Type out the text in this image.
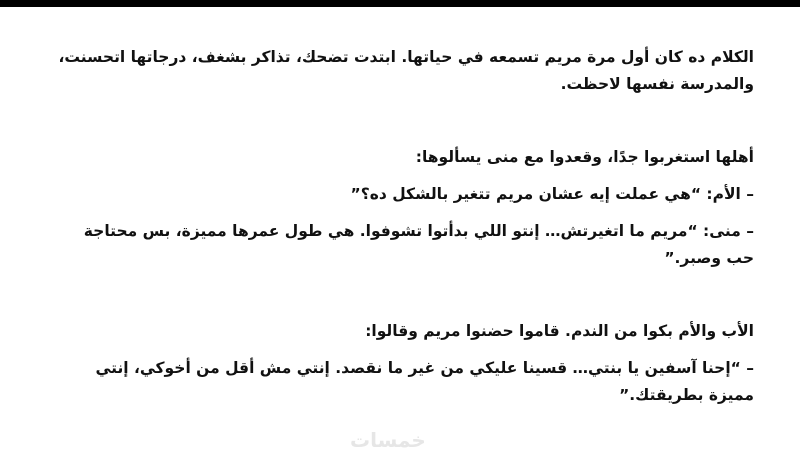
الكلام ده كان أول مرة مريم تسمعه في حياتها. ابتدت تضحك، تذاكر بشغف، درجاتها اتحسنت، والمدرسة نفسها لاحظت.

أهلها استغربوا جدًا، وقعدوا مع منى يسألوها:

– الأم: “هي عملت إيه عشان مريم تتغير بالشكل ده؟”

– منى: “مريم ما اتغيرتش… إنتو اللي بدأتوا تشوفوا. هي طول عمرها مميزة، بس محتاجة حب وصبر.”

الأب والأم بكوا من الندم. قاموا حضنوا مريم وقالوا:

– “إحنا آسفين يا بنتي… قسينا عليكي من غير ما نقصد. إنتي مش أقل من أخوكي، إنتي مميزة بطريقتك.”

خمسات
